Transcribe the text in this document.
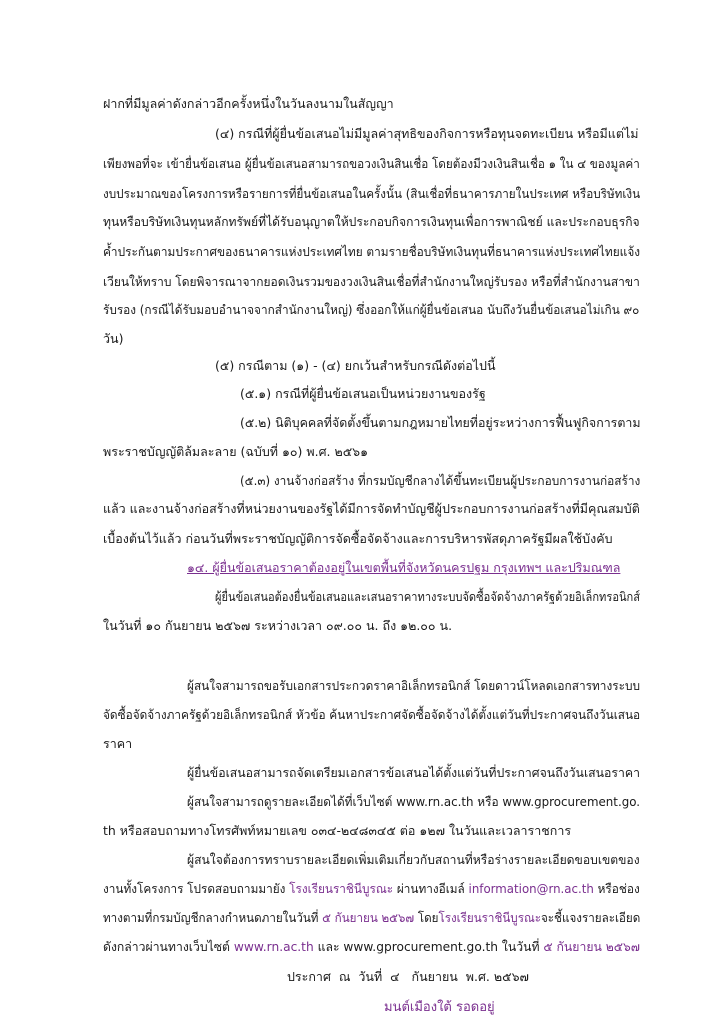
ฝากที่มีมูลค่าดังกล่าวอีกครั้งหนึ่งในวันลงนามในสัญญา
(๔) กรณีที่ผู้ยื่นข้อเสนอไม่มีมูลค่าสุทธิของกิจการหรือทุนจดทะเบียน หรือมีแต่ไม่
เพียงพอที่จะ เข้ายื่นข้อเสนอ ผู้ยื่นข้อเสนอสามารถขอวงเงินสินเชื่อ โดยต้องมีวงเงินสินเชื่อ ๑ ใน ๔ ของมูลค่า
งบประมาณของโครงการหรือรายการที่ยื่นข้อเสนอในครั้งนั้น (สินเชื่อที่ธนาคารภายในประเทศ หรือบริษัทเงิน
ทุนหรือบริษัทเงินทุนหลักทรัพย์ที่ได้รับอนุญาตให้ประกอบกิจการเงินทุนเพื่อการพาณิชย์ และประกอบธุรกิจ
ค้ำประกันตามประกาศของธนาคารแห่งประเทศไทย ตามรายชื่อบริษัทเงินทุนที่ธนาคารแห่งประเทศไทยแจ้ง
เวียนให้ทราบ โดยพิจารณาจากยอดเงินรวมของวงเงินสินเชื่อที่สำนักงานใหญ่รับรอง หรือที่สำนักงานสาขา
รับรอง (กรณีได้รับมอบอำนาจจากสำนักงานใหญ่) ซึ่งออกให้แก่ผู้ยื่นข้อเสนอ นับถึงวันยื่นข้อเสนอไม่เกิน ๙๐
วัน)
(๕) กรณีตาม (๑) - (๔) ยกเว้นสำหรับกรณีดังต่อไปนี้
(๕.๑) กรณีที่ผู้ยื่นข้อเสนอเป็นหน่วยงานของรัฐ
(๕.๒) นิติบุคคลที่จัดตั้งขึ้นตามกฎหมายไทยที่อยู่ระหว่างการฟื้นฟูกิจการตาม
พระราชบัญญัติล้มละลาย (ฉบับที่ ๑๐) พ.ศ. ๒๕๖๑
(๕.๓) งานจ้างก่อสร้าง ที่กรมบัญชีกลางได้ขึ้นทะเบียนผู้ประกอบการงานก่อสร้าง
แล้ว และงานจ้างก่อสร้างที่หน่วยงานของรัฐได้มีการจัดทำบัญชีผู้ประกอบการงานก่อสร้างที่มีคุณสมบัติ
เบื้องต้นไว้แล้ว ก่อนวันที่พระราชบัญญัติการจัดซื้อจัดจ้างและการบริหารพัสดุภาครัฐมีผลใช้บังคับ
๑๔. ผู้ยื่นข้อเสนอราคาต้องอยู่ในเขตพื้นที่จังหวัดนครปฐม กรุงเทพฯ และปริมณฑล
ผู้ยื่นข้อเสนอต้องยื่นข้อเสนอและเสนอราคาทางระบบจัดซื้อจัดจ้างภาครัฐด้วยอิเล็กทรอนิกส์
ในวันที่ ๑๐ กันยายน ๒๕๖๗ ระหว่างเวลา ๐๙.๐๐ น. ถึง ๑๒.๐๐ น.
ผู้สนใจสามารถขอรับเอกสารประกวดราคาอิเล็กทรอนิกส์ โดยดาวน์โหลดเอกสารทางระบบ
จัดซื้อจัดจ้างภาครัฐด้วยอิเล็กทรอนิกส์ หัวข้อ ค้นหาประกาศจัดซื้อจัดจ้างได้ตั้งแต่วันที่ประกาศจนถึงวันเสนอ
ราคา
ผู้ยื่นข้อเสนอสามารถจัดเตรียมเอกสารข้อเสนอได้ตั้งแต่วันที่ประกาศจนถึงวันเสนอราคา
ผู้สนใจสามารถดูรายละเอียดได้ที่เว็บไซต์ www.rn.ac.th หรือ www.gprocurement.go.
th หรือสอบถามทางโทรศัพท์หมายเลข ๐๓๔-๒๔๘๓๔๕ ต่อ ๑๒๗ ในวันและเวลาราชการ
ผู้สนใจต้องการทราบรายละเอียดเพิ่มเติมเกี่ยวกับสถานที่หรือร่างรายละเอียดขอบเขตของ
งานทั้งโครงการ โปรดสอบถามมายัง โรงเรียนราชินีบูรณะ ผ่านทางอีเมล์ information@rn.ac.th หรือช่อง
ทางตามที่กรมบัญชีกลางกำหนดภายในวันที่ ๕ กันยายน ๒๕๖๗ โดยโรงเรียนราชินีบูรณะจะชี้แจงรายละเอียด
ดังกล่าวผ่านทางเว็บไซต์ www.rn.ac.th และ www.gprocurement.go.th ในวันที่ ๕ กันยายน ๒๕๖๗
ประกาศ  ณ  วันที่  ๔   กันยายน  พ.ศ. ๒๕๖๗
มนต์เมืองใต้ รอดอยู่
